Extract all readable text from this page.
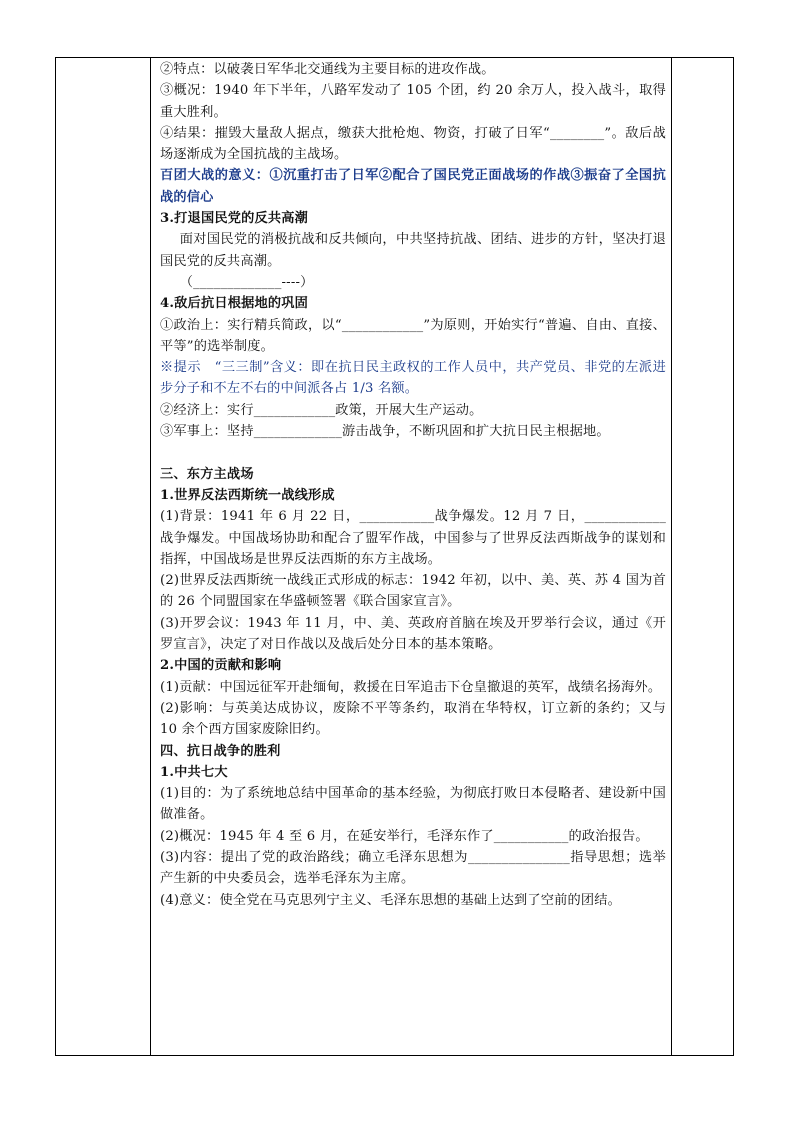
②特点：以破袭日军华北交通线为主要目标的进攻作战。

③概况：1940 年下半年，八路军发动了 105 个团，约 20 余万人，投入战斗，取得重大胜利。

④结果：摧毁大量敌人据点，缴获大批枪炮、物资，打破了日军“________”。敌后战场逐渐成为全国抗战的主战场。

百团大战的意义：①沉重打击了日军②配合了国民党正面战场的作战③振奋了全国抗战的信心

3.打退国民党的反共高潮

面对国民党的消极抗战和反共倾向，中共坚持抗战、团结、进步的方针，坚决打退国民党的反共高潮。

（_____________----）

4.敌后抗日根据地的巩固

①政治上：实行精兵简政，以“____________”为原则，开始实行“普遍、自由、直接、平等”的选举制度。

※提示　“三三制”含义：即在抗日民主政权的工作人员中，共产党员、非党的左派进步分子和不左不右的中间派各占 1/3 名额。

②经济上：实行____________政策，开展大生产运动。

③军事上：坚持_____________游击战争，不断巩固和扩大抗日民主根据地。

三、东方主战场

1.世界反法西斯统一战线形成

(1)背景：1941 年 6 月 22 日，___________战争爆发。12 月 7 日，____________战争爆发。中国战场协助和配合了盟军作战，中国参与了世界反法西斯战争的谋划和指挥，中国战场是世界反法西斯的东方主战场。

(2)世界反法西斯统一战线正式形成的标志：1942 年初，以中、美、英、苏 4 国为首的 26 个同盟国家在华盛顿签署《联合国家宣言》。

(3)开罗会议：1943 年 11 月，中、美、英政府首脑在埃及开罗举行会议，通过《开罗宣言》，决定了对日作战以及战后处分日本的基本策略。

2.中国的贡献和影响

(1)贡献：中国远征军开赴缅甸，救援在日军追击下仓皇撤退的英军，战绩名扬海外。

(2)影响：与英美达成协议，废除不平等条约，取消在华特权，订立新的条约；又与 10 余个西方国家废除旧约。

四、抗日战争的胜利

1.中共七大

(1)目的：为了系统地总结中国革命的基本经验，为彻底打败日本侵略者、建设新中国做准备。

(2)概况：1945 年 4 至 6 月，在延安举行，毛泽东作了___________的政治报告。

(3)内容：提出了党的政治路线；确立毛泽东思想为_______________指导思想；选举产生新的中央委员会，选举毛泽东为主席。

(4)意义：使全党在马克思列宁主义、毛泽东思想的基础上达到了空前的团结。
